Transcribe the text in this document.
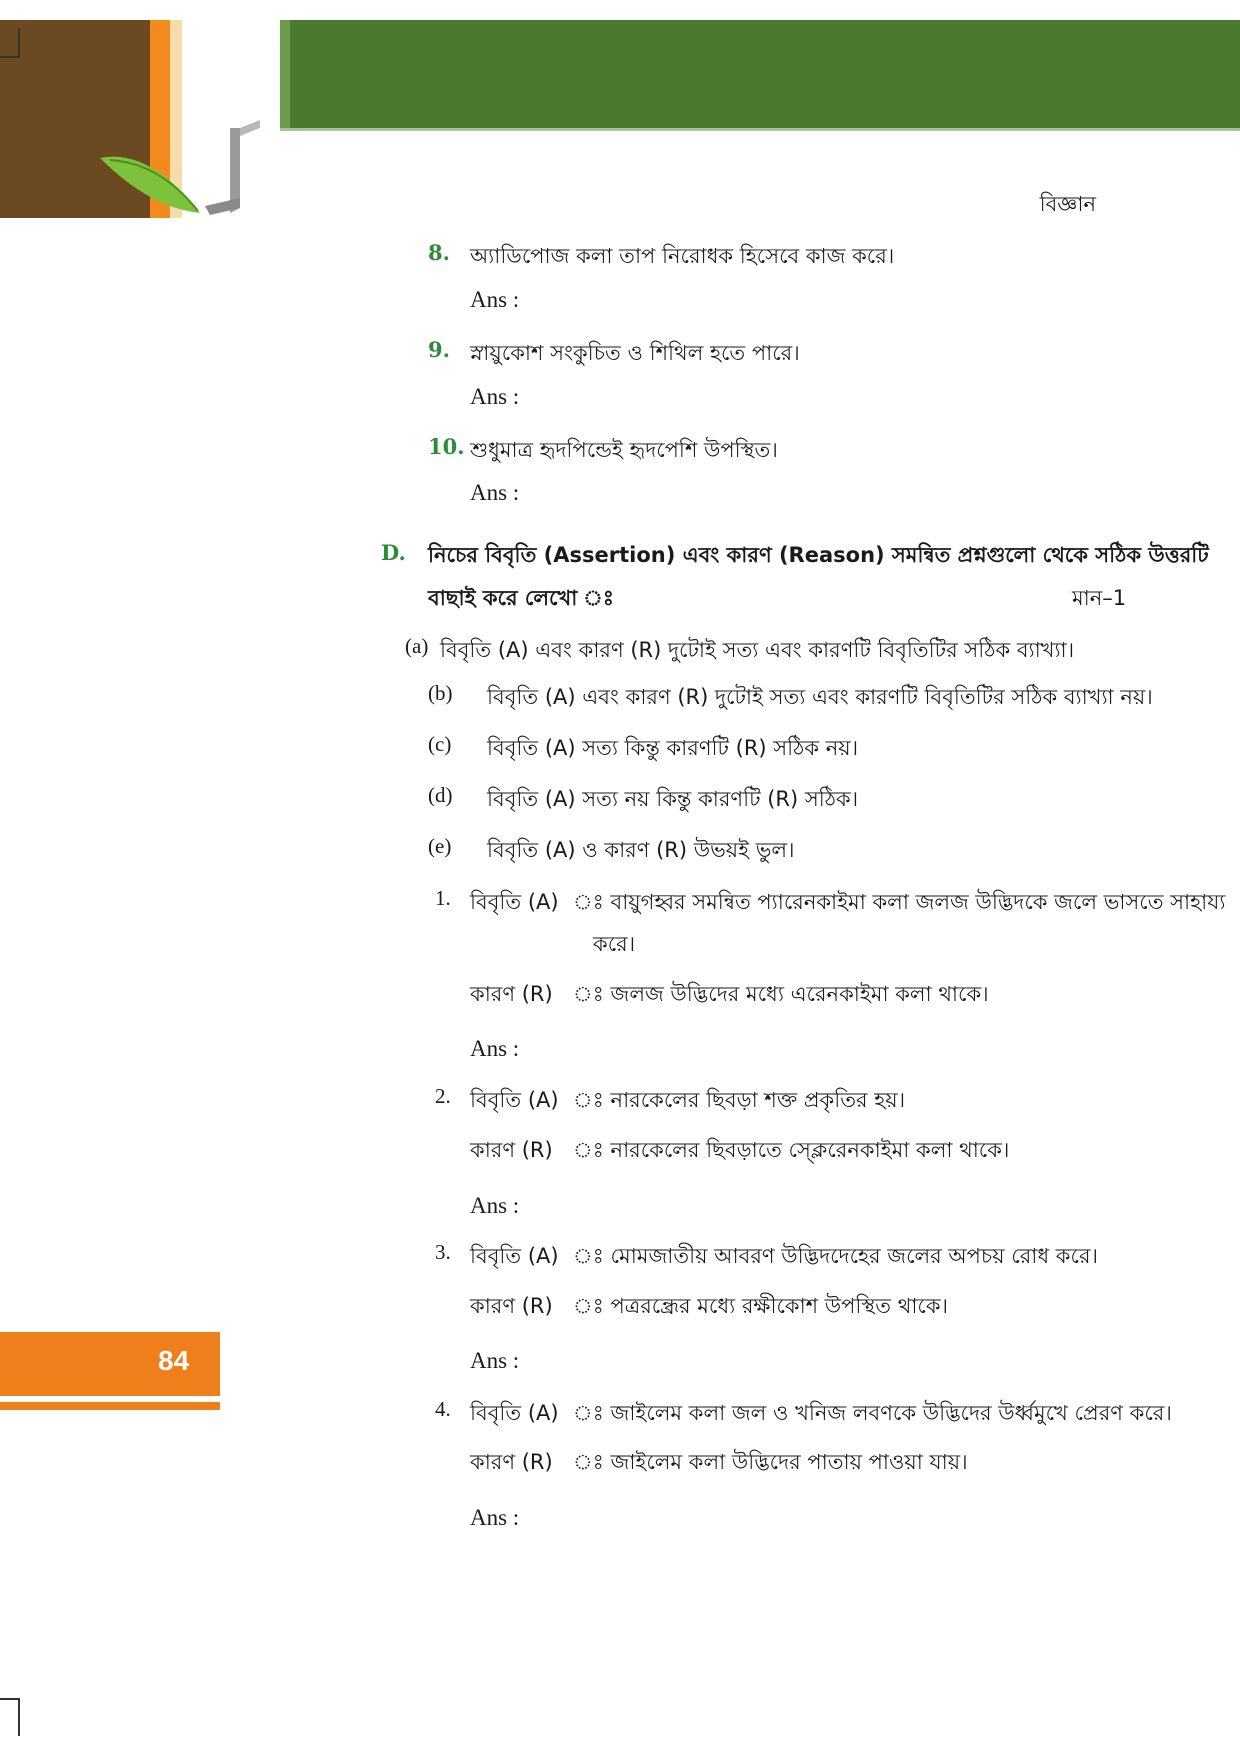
বিজ্ঞান
8. অ্যাডিপোজ কলা তাপ নিরোধক হিসেবে কাজ করে।
Ans :
9. স্নায়ুকোশ সংকুচিত ও শিথিল হতে পারে।
Ans :
10. শুধুমাত্র হৃদপিন্ডেই হৃদপেশি উপস্থিত।
Ans :
D. নিচের বিবৃতি (Assertion) এবং কারণ (Reason) সমন্বিত প্রশ্নগুলো থেকে সঠিক উত্তরটি
বাছাই করে লেখো ঃ	মান–1
(a) বিবৃতি (A) এবং কারণ (R) দুটোই সত্য এবং কারণটি বিবৃতিটির সঠিক ব্যাখ্যা।
(b) বিবৃতি (A) এবং কারণ (R) দুটোই সত্য এবং কারণটি বিবৃতিটির সঠিক ব্যাখ্যা নয়।
(c) বিবৃতি (A) সত্য কিন্তু কারণটি (R) সঠিক নয়।
(d) বিবৃতি (A) সত্য নয় কিন্তু কারণটি (R) সঠিক।
(e) বিবৃতি (A) ও কারণ (R) উভয়ই ভুল।
1. বিবৃতি (A) ঃ বায়ুগহ্বর সমন্বিত প্যারেনকাইমা কলা জলজ উদ্ভিদকে জলে ভাসতে সাহায্য
করে।
কারণ (R) ঃ জলজ উদ্ভিদের মধ্যে এরেনকাইমা কলা থাকে।
Ans :
2. বিবৃতি (A) ঃ নারকেলের ছিবড়া শক্ত প্রকৃতির হয়।
কারণ (R) ঃ নারকেলের ছিবড়াতে স্ক্লেরেনকাইমা কলা থাকে।
Ans :
3. বিবৃতি (A) ঃ মোমজাতীয় আবরণ উদ্ভিদদেহের জলের অপচয় রোধ করে।
কারণ (R) ঃ পত্ররন্ধ্রের মধ্যে রক্ষীকোশ উপস্থিত থাকে।
Ans :
4. বিবৃতি (A) ঃ জাইলেম কলা জল ও খনিজ লবণকে উদ্ভিদের উর্ধ্বমুখে প্রেরণ করে।
কারণ (R) ঃ জাইলেম কলা উদ্ভিদের পাতায় পাওয়া যায়।
Ans :
84
